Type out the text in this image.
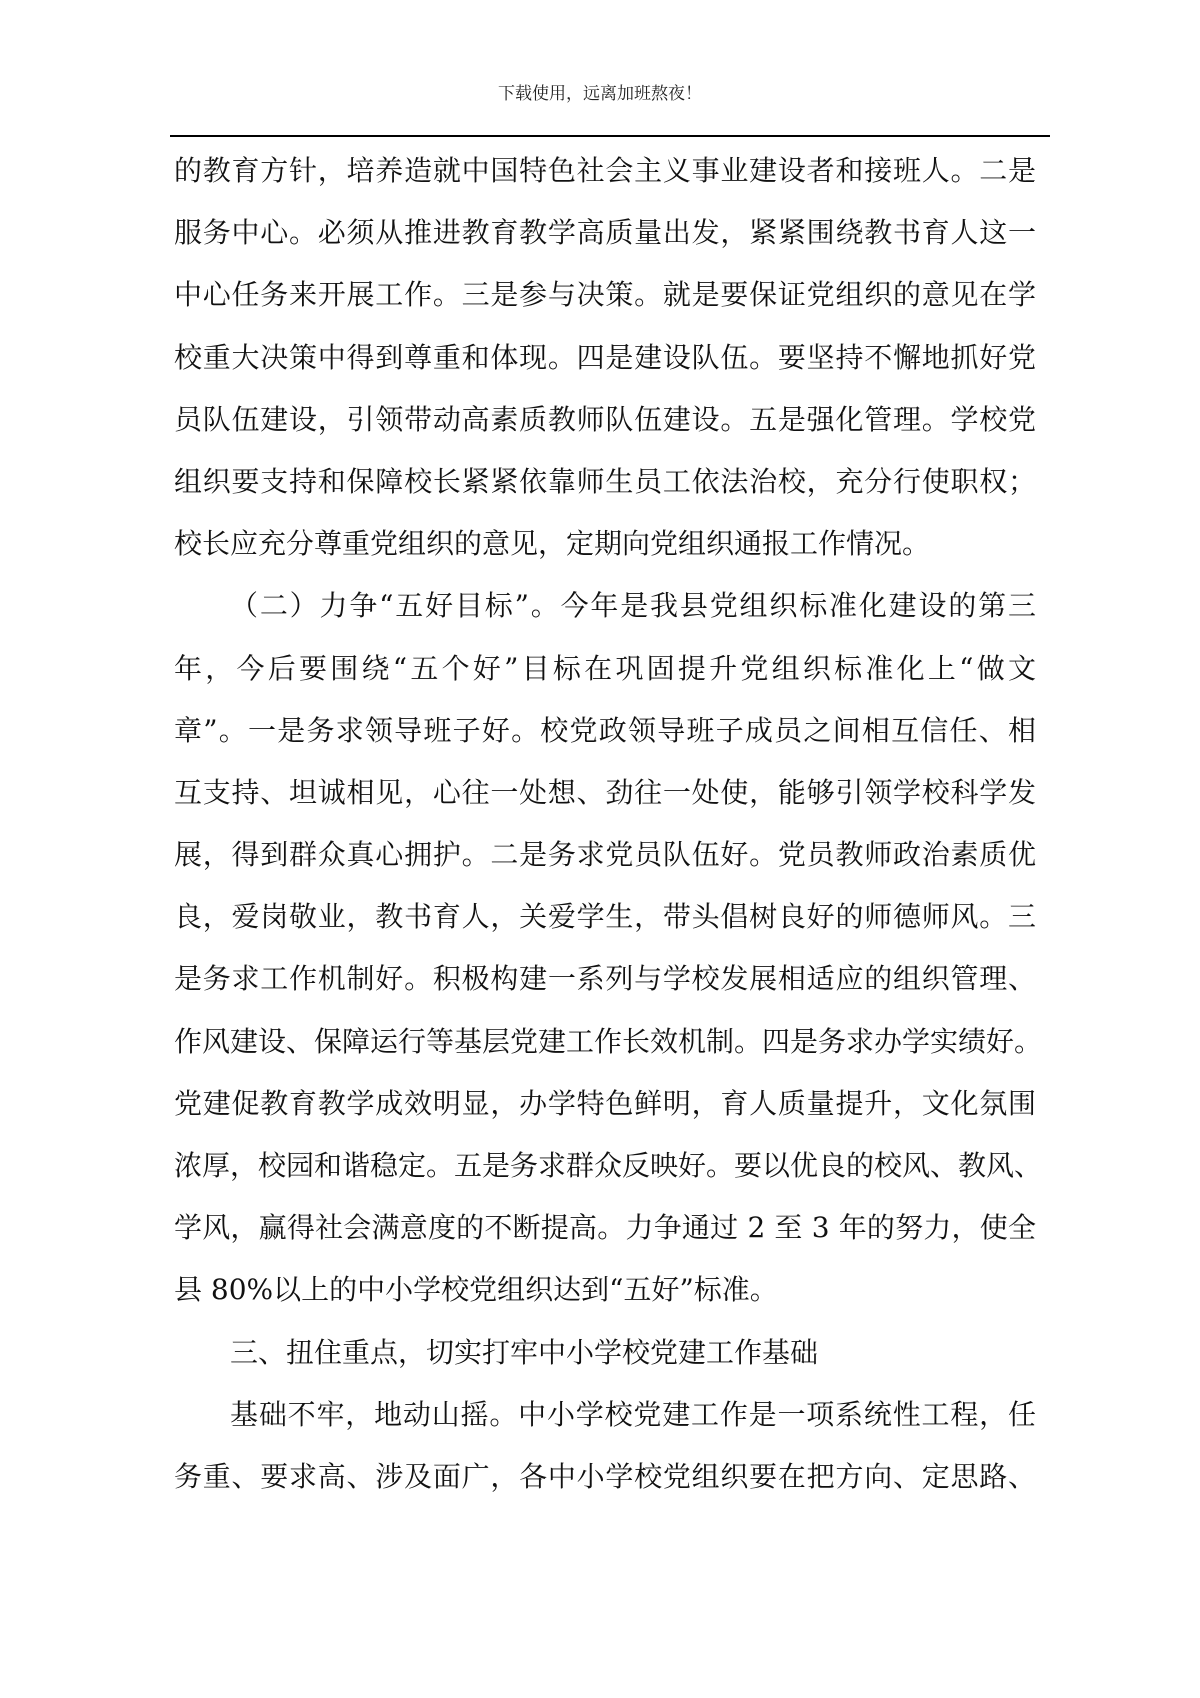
下载使用，远离加班熬夜！
的教育方针，培养造就中国特色社会主义事业建设者和接班人。二是
服务中心。必须从推进教育教学高质量出发，紧紧围绕教书育人这一
中心任务来开展工作。三是参与决策。就是要保证党组织的意见在学
校重大决策中得到尊重和体现。四是建设队伍。要坚持不懈地抓好党
员队伍建设，引领带动高素质教师队伍建设。五是强化管理。学校党
组织要支持和保障校长紧紧依靠师生员工依法治校，充分行使职权；
校长应充分尊重党组织的意见，定期向党组织通报工作情况。
（二）力争“五好目标”。今年是我县党组织标准化建设的第三
年，今后要围绕“五个好”目标在巩固提升党组织标准化上“做文
章”。一是务求领导班子好。校党政领导班子成员之间相互信任、相
互支持、坦诚相见，心往一处想、劲往一处使，能够引领学校科学发
展，得到群众真心拥护。二是务求党员队伍好。党员教师政治素质优
良，爱岗敬业，教书育人，关爱学生，带头倡树良好的师德师风。三
是务求工作机制好。积极构建一系列与学校发展相适应的组织管理、
作风建设、保障运行等基层党建工作长效机制。四是务求办学实绩好。
党建促教育教学成效明显，办学特色鲜明，育人质量提升，文化氛围
浓厚，校园和谐稳定。五是务求群众反映好。要以优良的校风、教风、
学风，赢得社会满意度的不断提高。力争通过 2 至 3 年的努力，使全
县 80%以上的中小学校党组织达到“五好”标准。
三、扭住重点，切实打牢中小学校党建工作基础
基础不牢，地动山摇。中小学校党建工作是一项系统性工程，任
务重、要求高、涉及面广，各中小学校党组织要在把方向、定思路、
